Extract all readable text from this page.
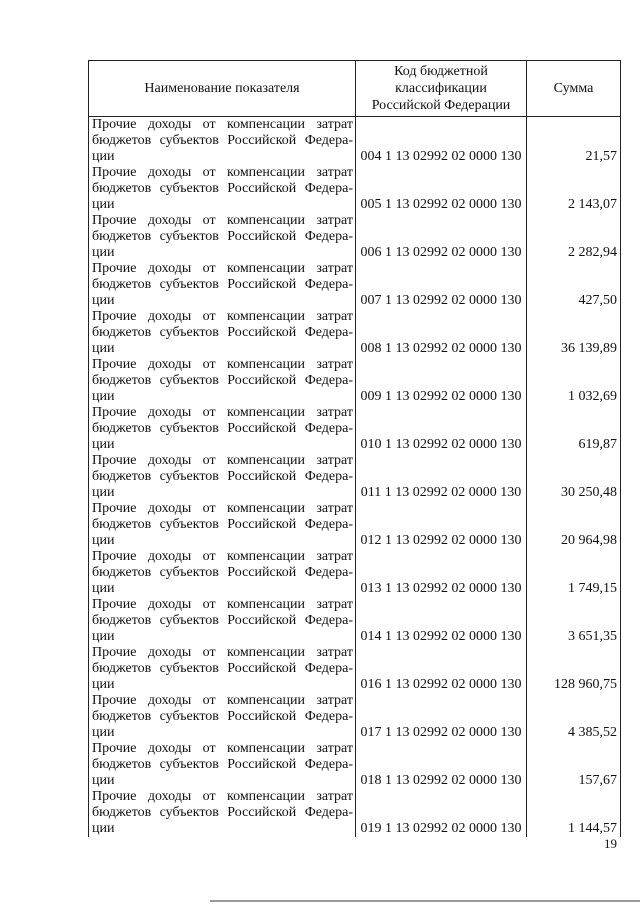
Наименование показателя	Код бюджетной классификации Российской Федерации	Сумма
Прочие доходы от компенсации затрат бюджетов субъектов Российской Федера-ции	004 1 13 02992 02 0000 130	21,57
Прочие доходы от компенсации затрат бюджетов субъектов Российской Федера-ции	005 1 13 02992 02 0000 130	2 143,07
Прочие доходы от компенсации затрат бюджетов субъектов Российской Федера-ции	006 1 13 02992 02 0000 130	2 282,94
Прочие доходы от компенсации затрат бюджетов субъектов Российской Федера-ции	007 1 13 02992 02 0000 130	427,50
Прочие доходы от компенсации затрат бюджетов субъектов Российской Федера-ции	008 1 13 02992 02 0000 130	36 139,89
Прочие доходы от компенсации затрат бюджетов субъектов Российской Федера-ции	009 1 13 02992 02 0000 130	1 032,69
Прочие доходы от компенсации затрат бюджетов субъектов Российской Федера-ции	010 1 13 02992 02 0000 130	619,87
Прочие доходы от компенсации затрат бюджетов субъектов Российской Федера-ции	011 1 13 02992 02 0000 130	30 250,48
Прочие доходы от компенсации затрат бюджетов субъектов Российской Федера-ции	012 1 13 02992 02 0000 130	20 964,98
Прочие доходы от компенсации затрат бюджетов субъектов Российской Федера-ции	013 1 13 02992 02 0000 130	1 749,15
Прочие доходы от компенсации затрат бюджетов субъектов Российской Федера-ции	014 1 13 02992 02 0000 130	3 651,35
Прочие доходы от компенсации затрат бюджетов субъектов Российской Федера-ции	016 1 13 02992 02 0000 130	128 960,75
Прочие доходы от компенсации затрат бюджетов субъектов Российской Федера-ции	017 1 13 02992 02 0000 130	4 385,52
Прочие доходы от компенсации затрат бюджетов субъектов Российской Федера-ции	018 1 13 02992 02 0000 130	157,67
Прочие доходы от компенсации затрат бюджетов субъектов Российской Федера-ции	019 1 13 02992 02 0000 130	1 144,57
19
